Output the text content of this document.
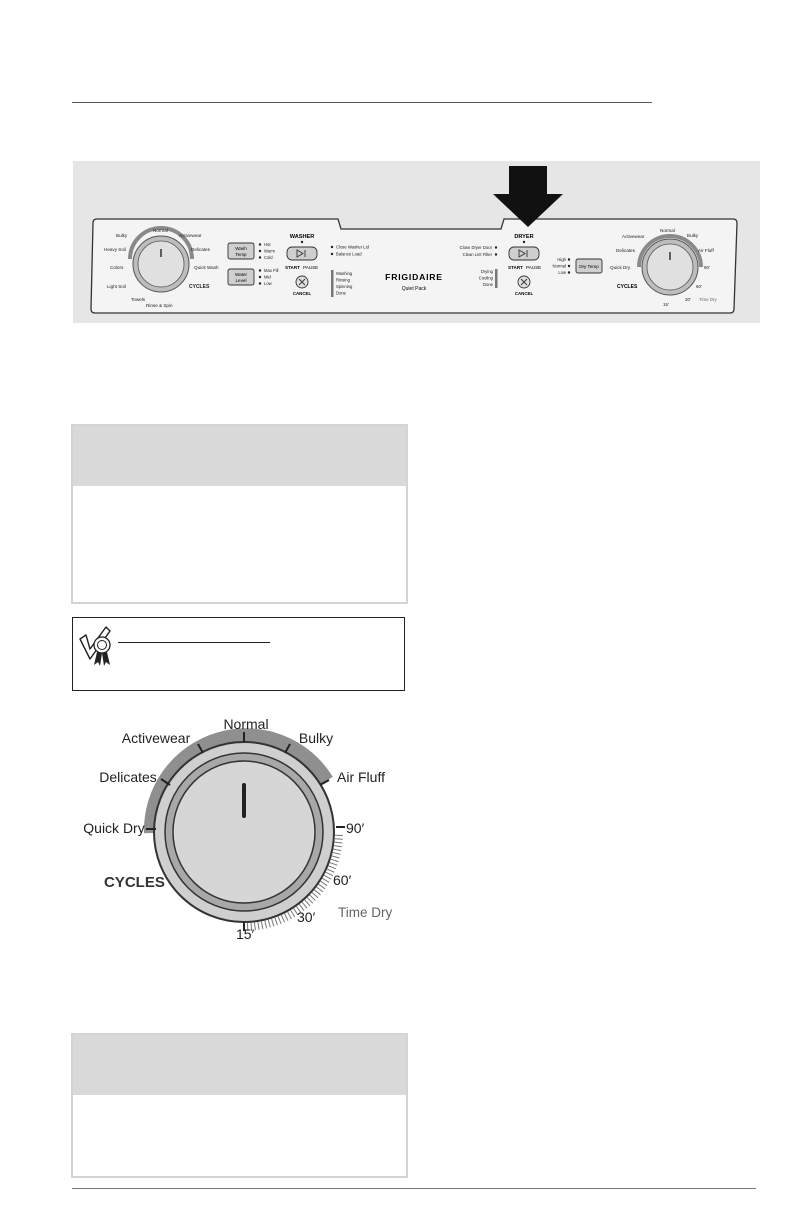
Normal
Activewear
Delicates
Quick Wash
Bulky
Heavy Soil
Colors
Light Soil
Towels
Rinse & Spin
CYCLES
Wash
Temp
Hot
Warm
Cold
Water
Level
Max Fill
Mid
Low
WASHER
START PAUSE
CANCEL
Close Washer Lid
Balance Load
Washing
Rinsing
Spinning
Done
FRIGIDAIRE
Quiet Pack
Close Dryer Door
Clean Lint Filter
Drying
Cooling
Done
DRYER
START PAUSE
CANCEL
High
Normal
Low
Dry Temp
Activewear
Normal
Bulky
Delicates	Air Fluff
Quick Dry
CYCLES
90′
60′
30′
15′
Time Dry
Normal
Activewear	Bulky
Delicates	Air Fluff
Quick Dry
CYCLES
90′
60′
30′
15′
Time Dry
